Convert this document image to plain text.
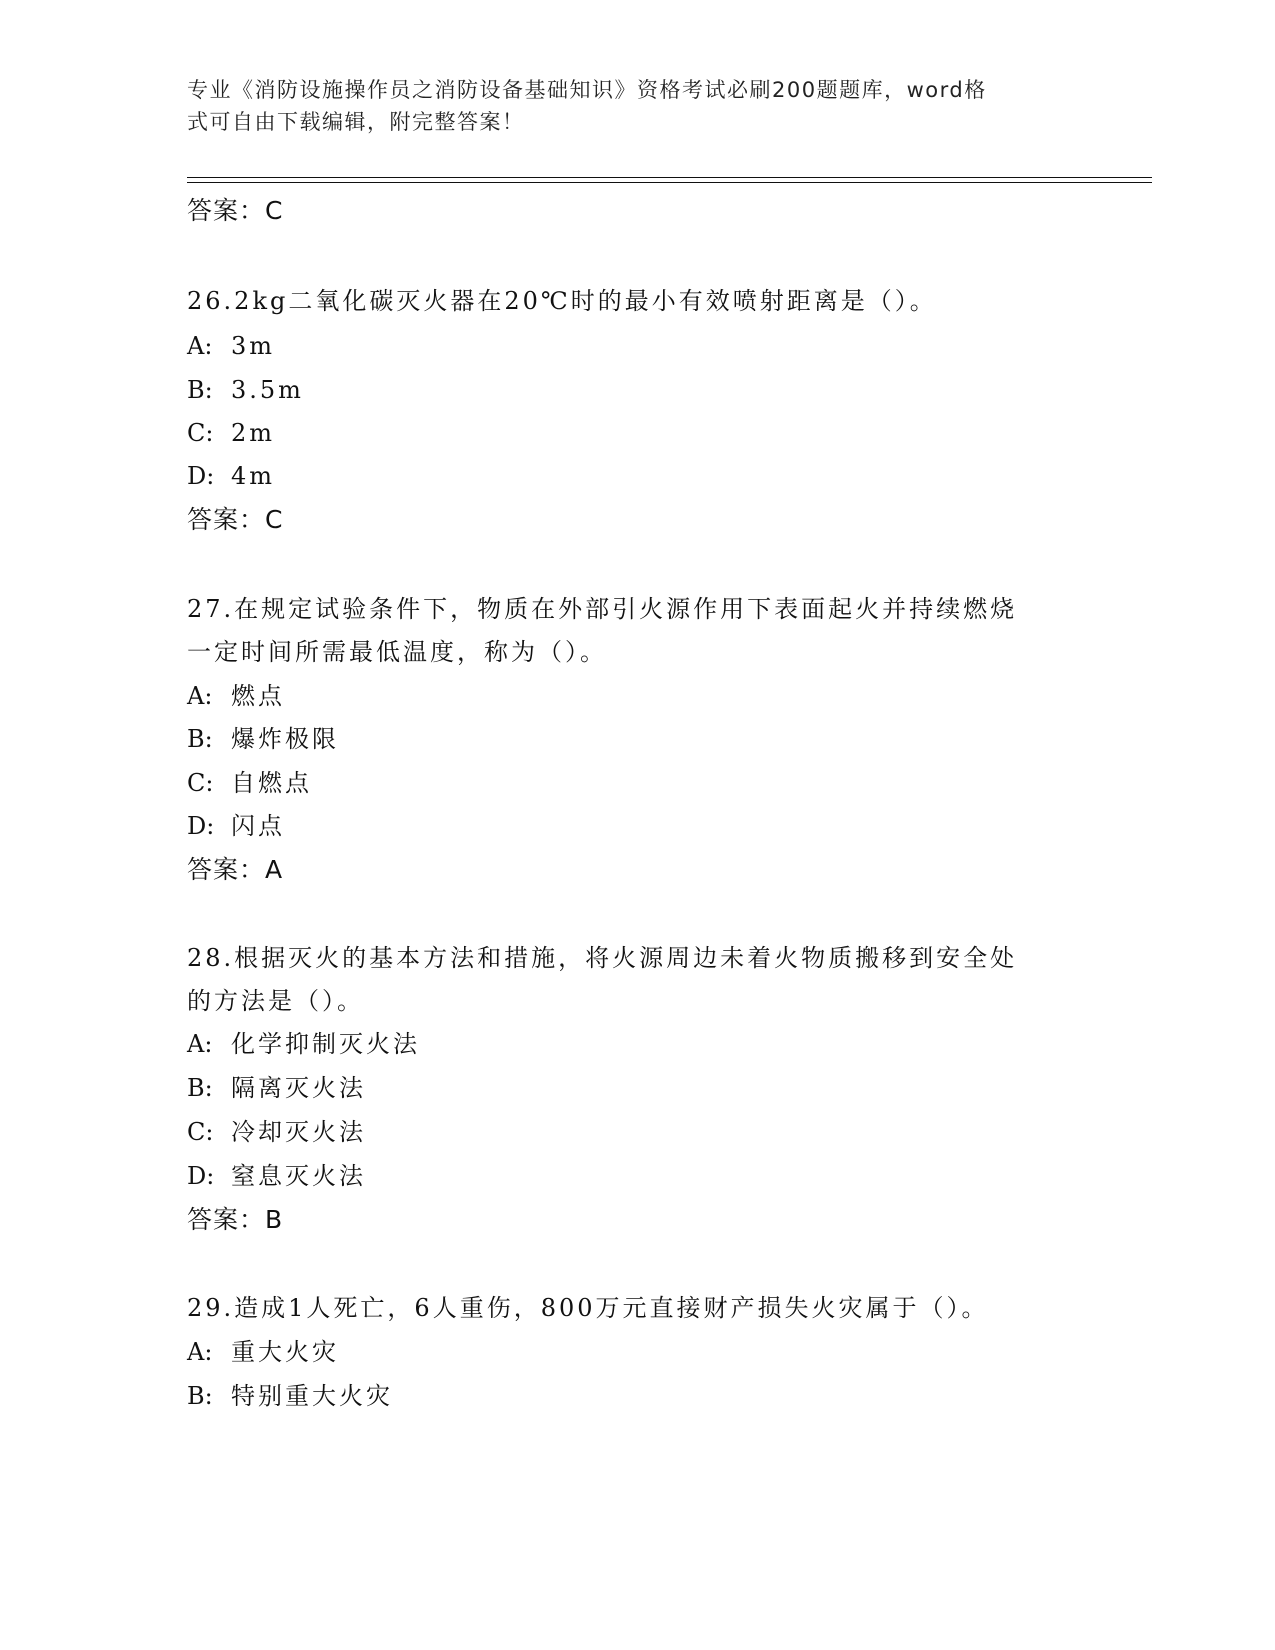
专业《消防设施操作员之消防设备基础知识》资格考试必刷200题题库，word格
式可自由下载编辑，附完整答案！
答案：C
26.2kg二氧化碳灭火器在20℃时的最小有效喷射距离是（）。
A: 3m
B: 3.5m
C: 2m
D: 4m
答案：C
27.在规定试验条件下，物质在外部引火源作用下表面起火并持续燃烧
一定时间所需最低温度，称为（）。
A: 燃点
B: 爆炸极限
C: 自燃点
D: 闪点
答案：A
28.根据灭火的基本方法和措施，将火源周边未着火物质搬移到安全处
的方法是（）。
A: 化学抑制灭火法
B: 隔离灭火法
C: 冷却灭火法
D: 窒息灭火法
答案：B
29.造成1人死亡，6人重伤，800万元直接财产损失火灾属于（）。
A: 重大火灾
B: 特别重大火灾
